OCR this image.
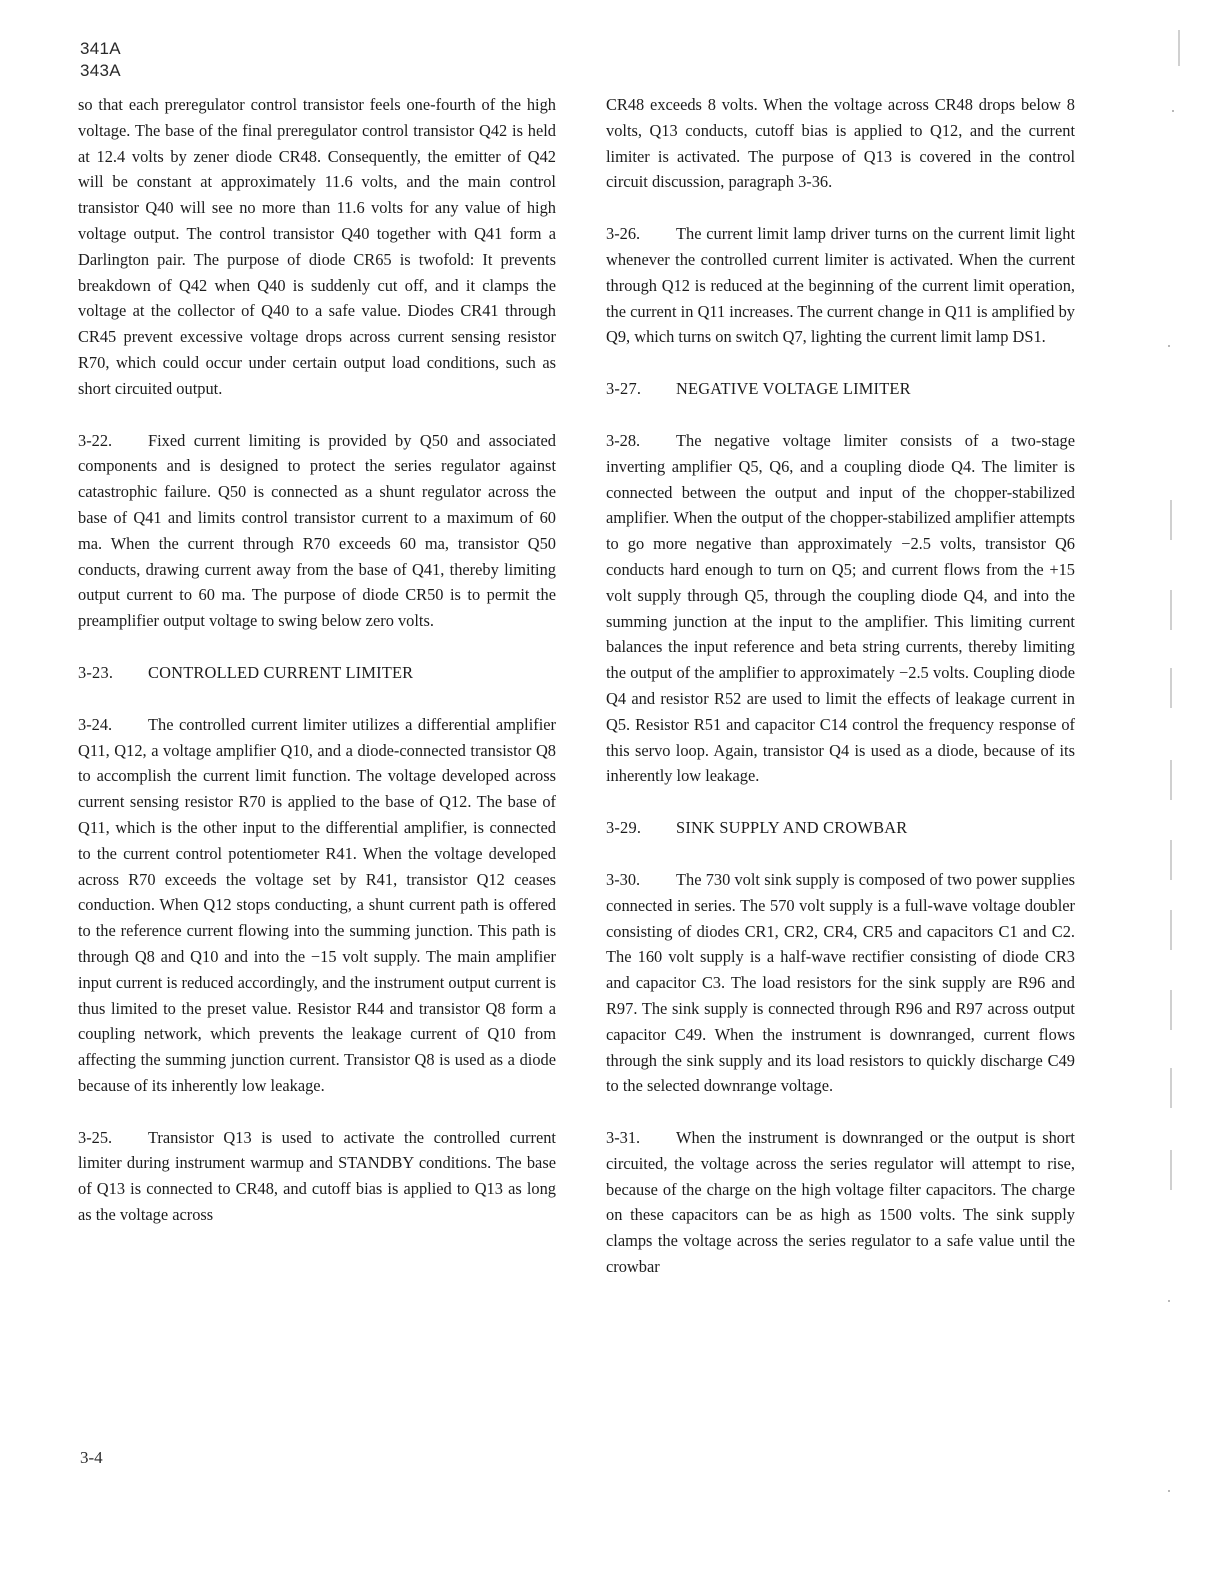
341A
343A

so that each preregulator control transistor feels one-fourth of the high voltage. The base of the final preregulator control transistor Q42 is held at 12.4 volts by zener diode CR48. Consequently, the emitter of Q42 will be constant at approximately 11.6 volts, and the main control transistor Q40 will see no more than 11.6 volts for any value of high voltage output. The control transistor Q40 together with Q41 form a Darlington pair. The purpose of diode CR65 is twofold: It prevents breakdown of Q42 when Q40 is suddenly cut off, and it clamps the voltage at the collector of Q40 to a safe value. Diodes CR41 through CR45 prevent excessive voltage drops across current sensing resistor R70, which could occur under certain output load conditions, such as short circuited output.

3-22. Fixed current limiting is provided by Q50 and associated components and is designed to protect the series regulator against catastrophic failure. Q50 is connected as a shunt regulator across the base of Q41 and limits control transistor current to a maximum of 60 ma. When the current through R70 exceeds 60 ma, transistor Q50 conducts, drawing current away from the base of Q41, thereby limiting output current to 60 ma. The purpose of diode CR50 is to permit the preamplifier output voltage to swing below zero volts.

3-23. CONTROLLED CURRENT LIMITER

3-24. The controlled current limiter utilizes a differential amplifier Q11, Q12, a voltage amplifier Q10, and a diode-connected transistor Q8 to accomplish the current limit function. The voltage developed across current sensing resistor R70 is applied to the base of Q12. The base of Q11, which is the other input to the differential amplifier, is connected to the current control potentiometer R41. When the voltage developed across R70 exceeds the voltage set by R41, transistor Q12 ceases conduction. When Q12 stops conducting, a shunt current path is offered to the reference current flowing into the summing junction. This path is through Q8 and Q10 and into the −15 volt supply. The main amplifier input current is reduced accordingly, and the instrument output current is thus limited to the preset value. Resistor R44 and transistor Q8 form a coupling network, which prevents the leakage current of Q10 from affecting the summing junction current. Transistor Q8 is used as a diode because of its inherently low leakage.

3-25. Transistor Q13 is used to activate the controlled current limiter during instrument warmup and STANDBY conditions. The base of Q13 is connected to CR48, and cutoff bias is applied to Q13 as long as the voltage across

CR48 exceeds 8 volts. When the voltage across CR48 drops below 8 volts, Q13 conducts, cutoff bias is applied to Q12, and the current limiter is activated. The purpose of Q13 is covered in the control circuit discussion, paragraph 3-36.

3-26. The current limit lamp driver turns on the current limit light whenever the controlled current limiter is activated. When the current through Q12 is reduced at the beginning of the current limit operation, the current in Q11 increases. The current change in Q11 is amplified by Q9, which turns on switch Q7, lighting the current limit lamp DS1.

3-27. NEGATIVE VOLTAGE LIMITER

3-28. The negative voltage limiter consists of a two-stage inverting amplifier Q5, Q6, and a coupling diode Q4. The limiter is connected between the output and input of the chopper-stabilized amplifier. When the output of the chopper-stabilized amplifier attempts to go more negative than approximately −2.5 volts, transistor Q6 conducts hard enough to turn on Q5; and current flows from the +15 volt supply through Q5, through the coupling diode Q4, and into the summing junction at the input to the amplifier. This limiting current balances the input reference and beta string currents, thereby limiting the output of the amplifier to approximately −2.5 volts. Coupling diode Q4 and resistor R52 are used to limit the effects of leakage current in Q5. Resistor R51 and capacitor C14 control the frequency response of this servo loop. Again, transistor Q4 is used as a diode, because of its inherently low leakage.

3-29. SINK SUPPLY AND CROWBAR

3-30. The 730 volt sink supply is composed of two power supplies connected in series. The 570 volt supply is a full-wave voltage doubler consisting of diodes CR1, CR2, CR4, CR5 and capacitors C1 and C2. The 160 volt supply is a half-wave rectifier consisting of diode CR3 and capacitor C3. The load resistors for the sink supply are R96 and R97. The sink supply is connected through R96 and R97 across output capacitor C49. When the instrument is downranged, current flows through the sink supply and its load resistors to quickly discharge C49 to the selected downrange voltage.

3-31. When the instrument is downranged or the output is short circuited, the voltage across the series regulator will attempt to rise, because of the charge on the high voltage filter capacitors. The charge on these capacitors can be as high as 1500 volts. The sink supply clamps the voltage across the series regulator to a safe value until the crowbar

3-4
